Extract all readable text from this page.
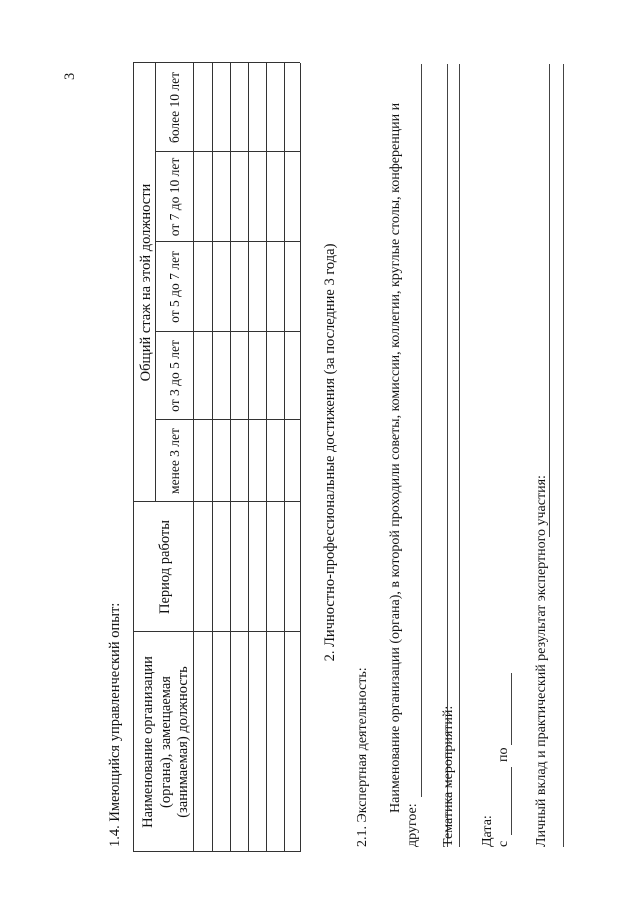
1.4. Имеющийся управленческий опыт: Наименование организации (органа), замещаемая (занимаемая) должность
Период работы
Общий стаж на этой должности
менее 3 лет
от 3 до 5 лет
от 5 до 7 лет
от 7 до 10 лет
более 10 лет
2. Личностно-профессиональные достижения (за последние 3 года)
2.1. Экспертная деятельность: Наименование организации (органа), в которой проходили советы, комиссии, коллегии, круглые столы, конференции и
другое: Тематика мероприятий: Дата: с
по Личный вклад и практический результат экспертного участия:
3
